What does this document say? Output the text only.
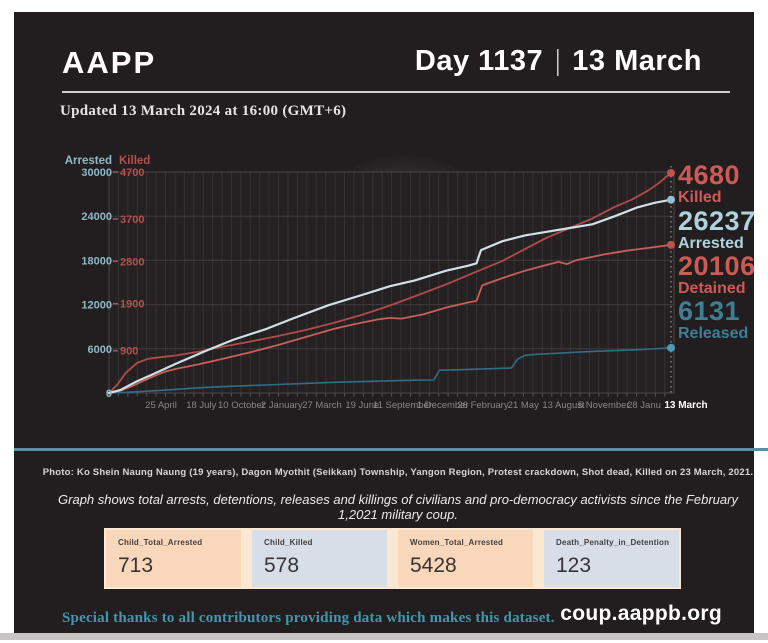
AAPP	Day 1137 | 13 March
Updated 13 March 2024 at 16:00 (GMT+6)
Arrested Killed
30000
24000
18000
12000
6000
0
4700
3700
2800
1900
900
25 April 18 July 10 October
2 January 27 March 19 June
11 September
1 December
26 February 21 May 13 August
5 November
28 Janu 13 March
4680
Killed
26237
Arrested
20106
Detained
6131
Released
Photo: Ko Shein Naung Naung (19 years), Dagon Myothit (Seikkan) Township, Yangon Region, Protest crackdown, Shot dead, Killed on 23 March, 2021.
Graph shows total arrests, detentions, releases and killings of civilians and pro-democracy activists since the February 1,2021 military coup.
Child_Total_Arrested
713
Child_Killed
578
Women_Total_Arrested
5428
Death_Penalty_in_Detention
123
Special thanks to all contributors providing data which makes this dataset. coup.aappb.org
